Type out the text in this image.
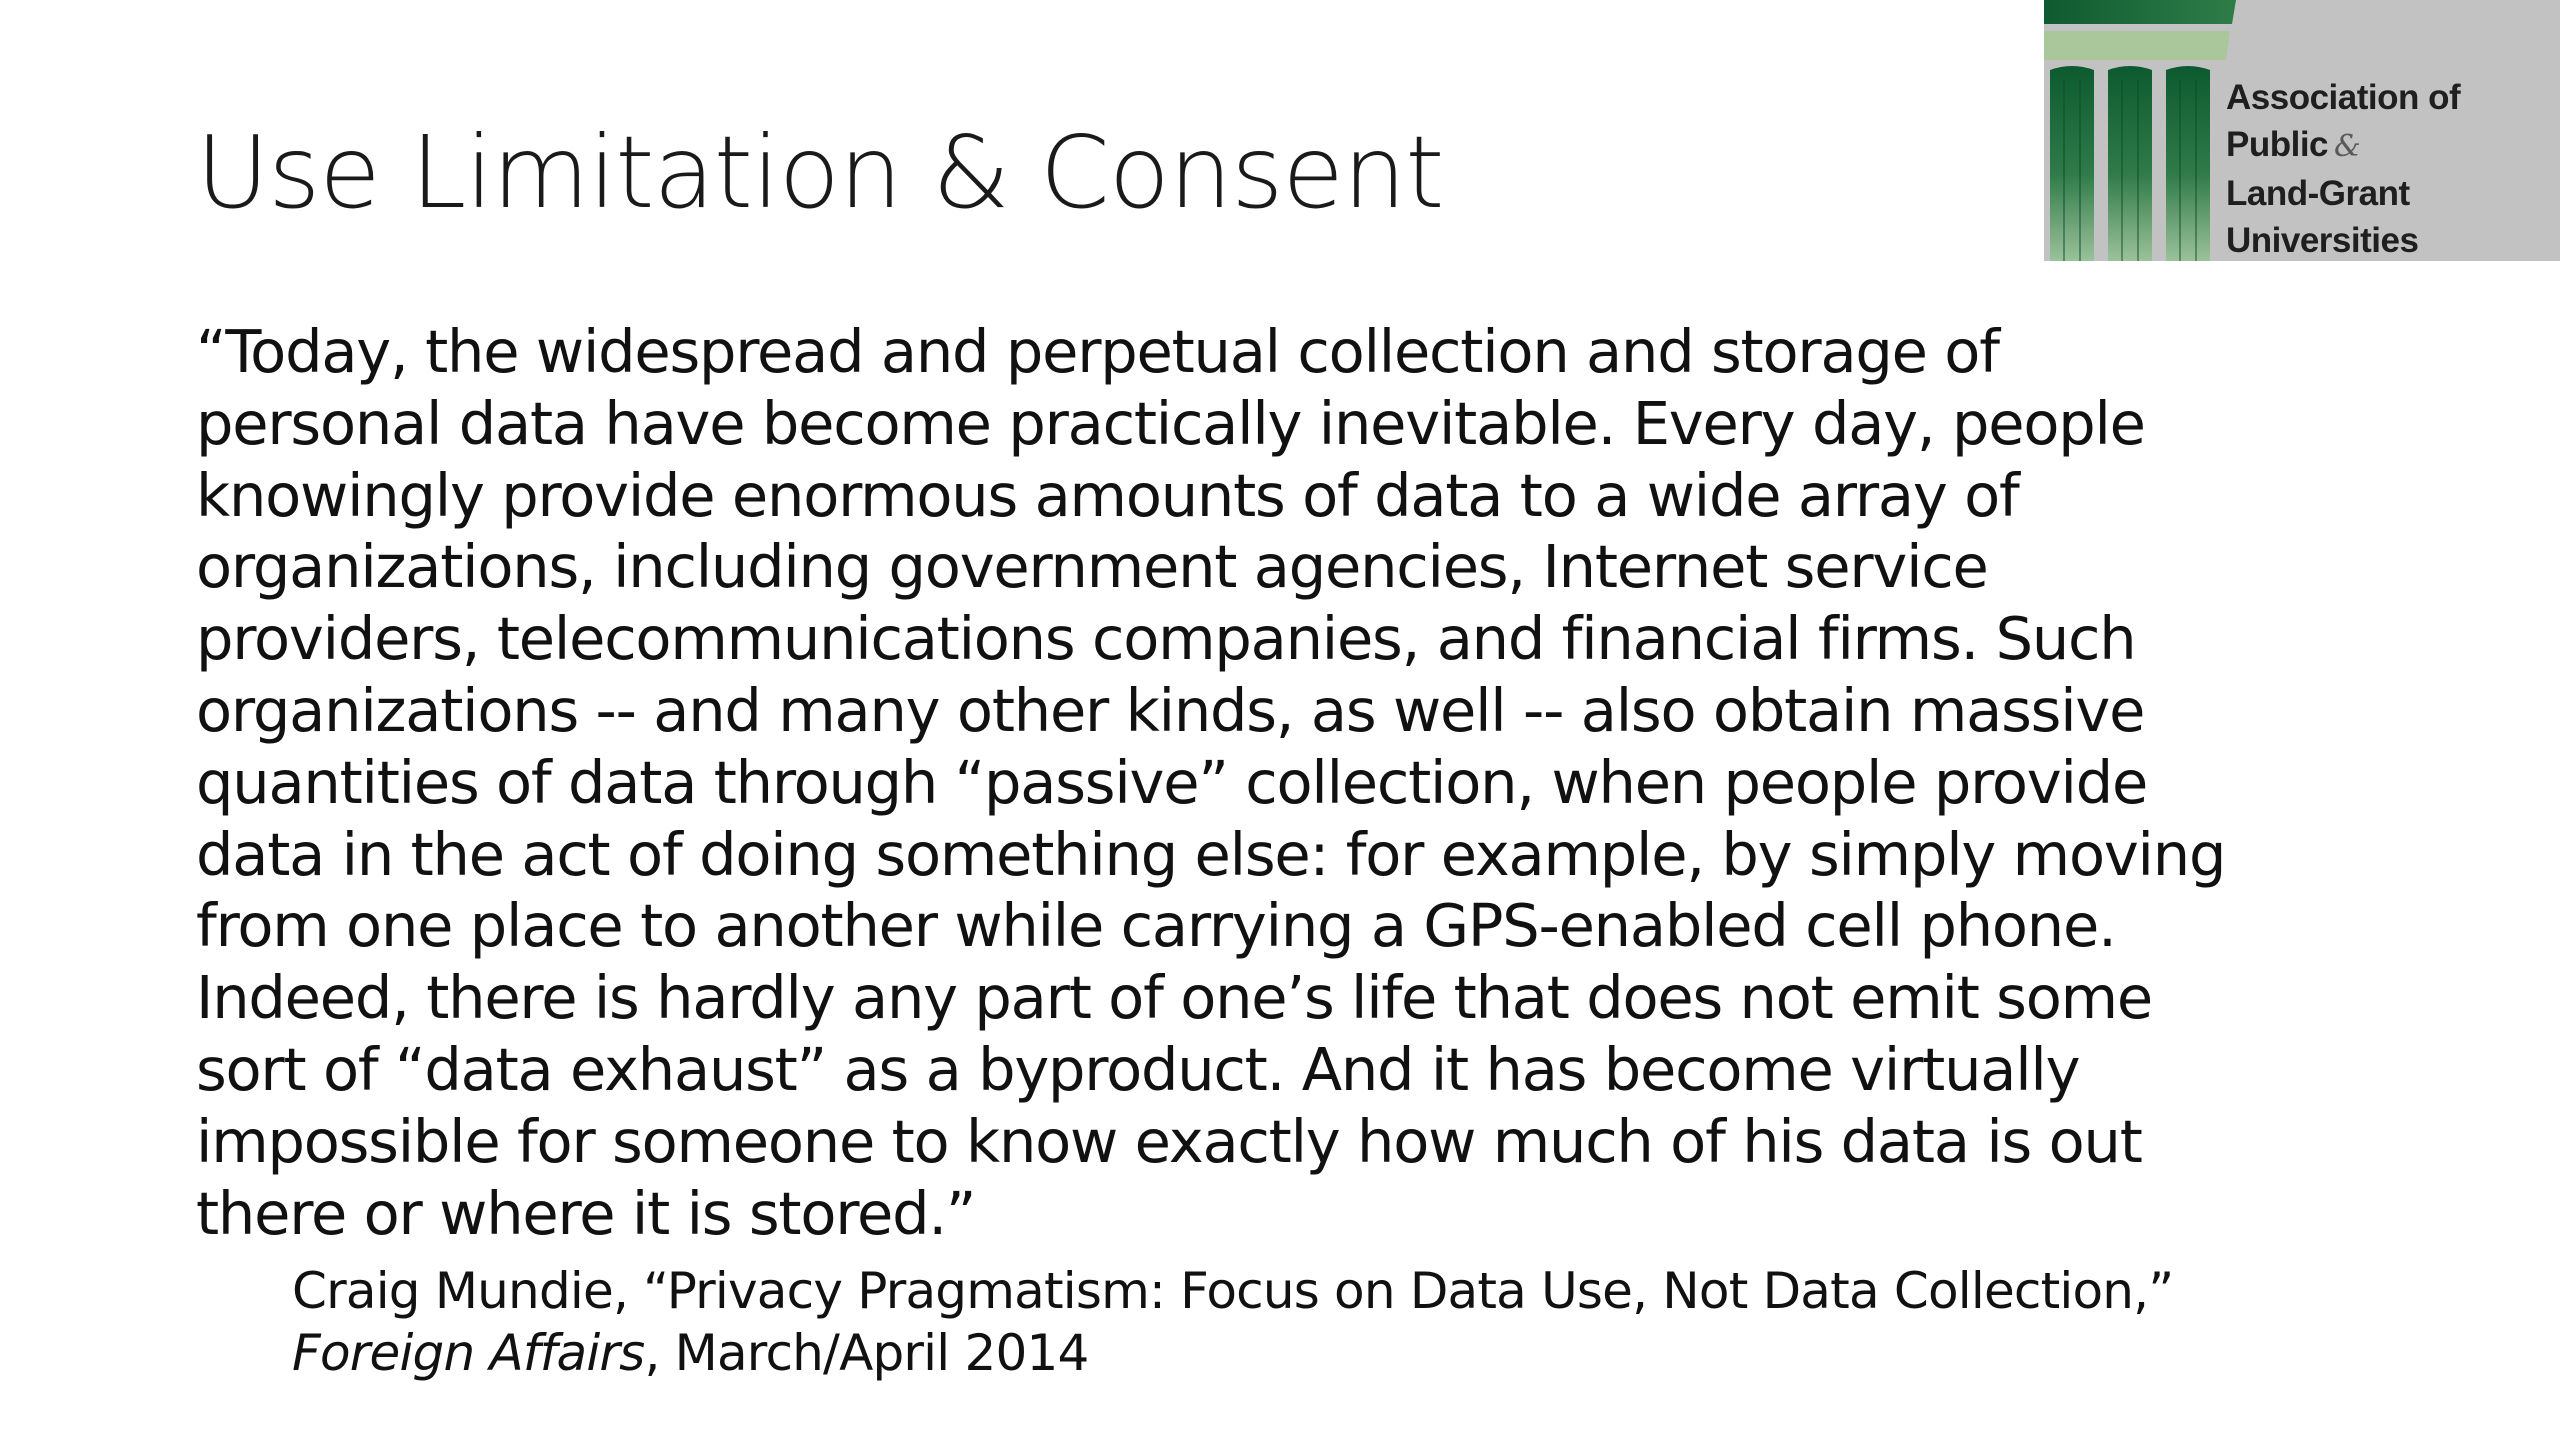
Use Limitation & Consent
Association of
Public &
Land-Grant
Universities
“Today, the widespread and perpetual collection and storage of
personal data have become practically inevitable. Every day, people
knowingly provide enormous amounts of data to a wide array of
organizations, including government agencies, Internet service
providers, telecommunications companies, and financial firms. Such
organizations -- and many other kinds, as well -- also obtain massive
quantities of data through “passive” collection, when people provide
data in the act of doing something else: for example, by simply moving
from one place to another while carrying a GPS-enabled cell phone.
Indeed, there is hardly any part of one’s life that does not emit some
sort of “data exhaust” as a byproduct. And it has become virtually
impossible for someone to know exactly how much of his data is out
there or where it is stored.”
Craig Mundie, “Privacy Pragmatism: Focus on Data Use, Not Data Collection,”
Foreign Affairs, March/April 2014
